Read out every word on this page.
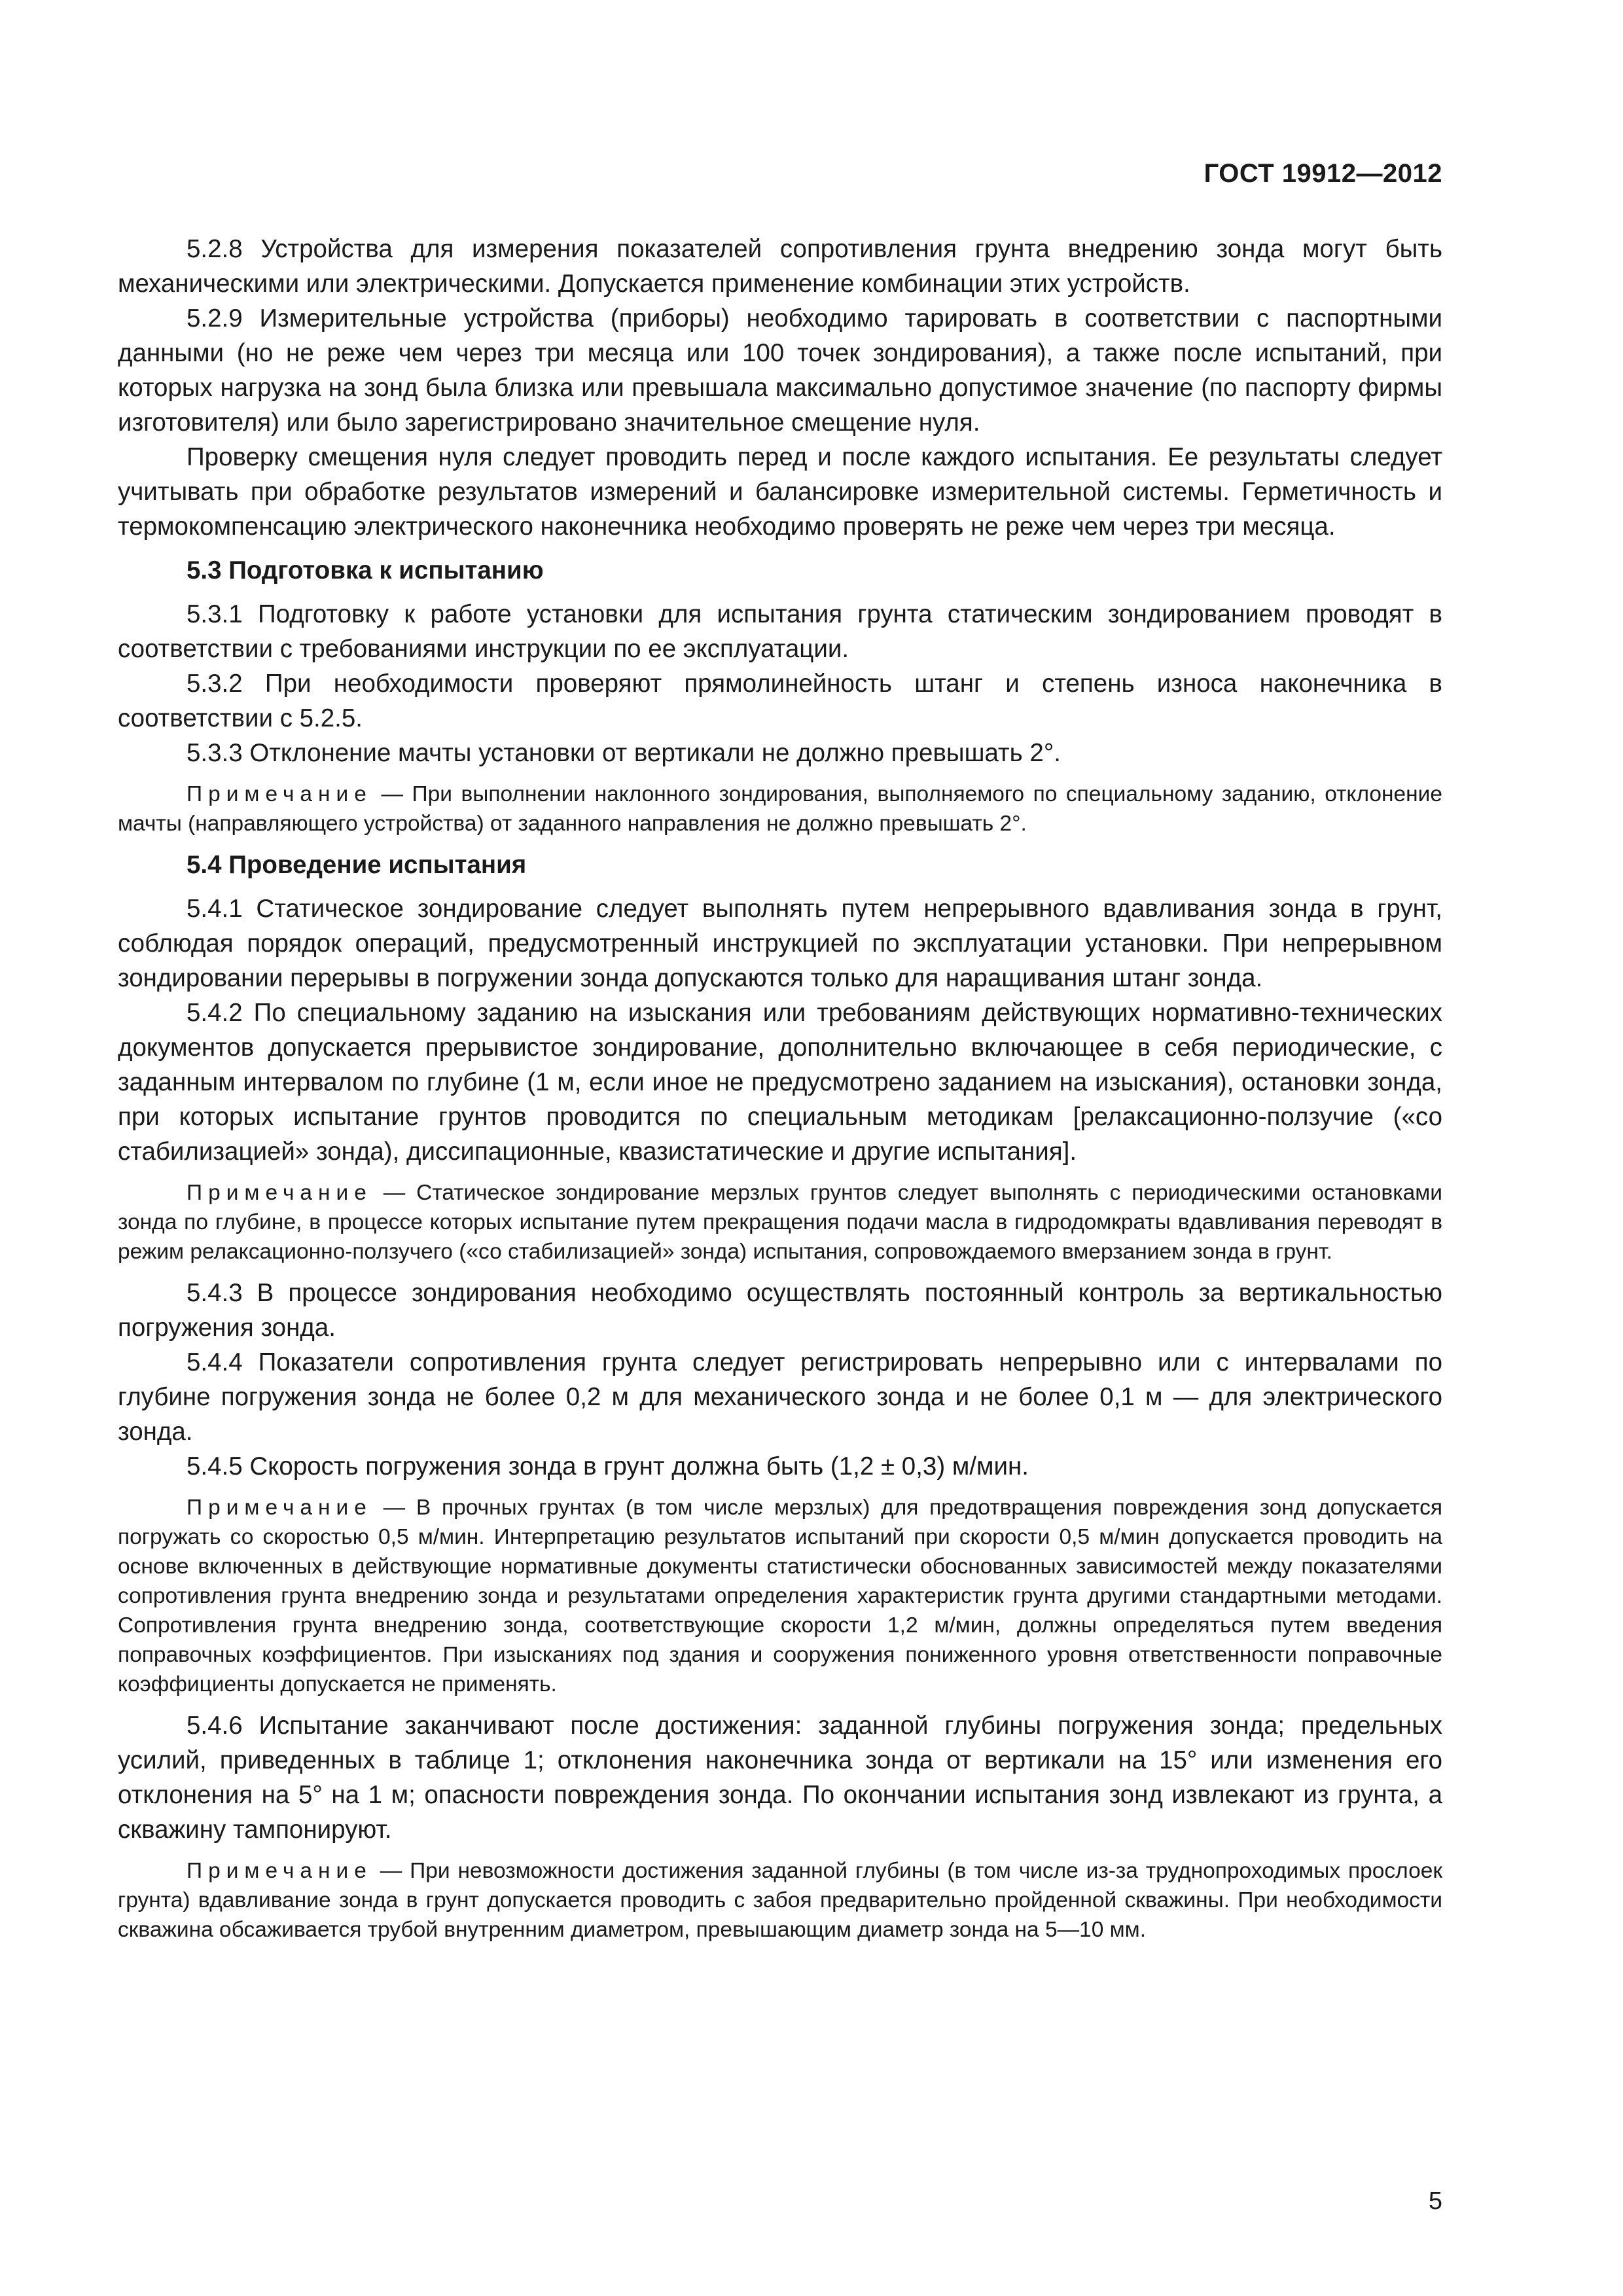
ГОСТ 19912—2012

5.2.8 Устройства для измерения показателей сопротивления грунта внедрению зонда могут быть механическими или электрическими. Допускается применение комбинации этих устройств.

5.2.9 Измерительные устройства (приборы) необходимо тарировать в соответствии с паспортными данными (но не реже чем через три месяца или 100 точек зондирования), а также после испытаний, при которых нагрузка на зонд была близка или превышала максимально допустимое значение (по паспорту фирмы изготовителя) или было зарегистрировано значительное смещение нуля.

Проверку смещения нуля следует проводить перед и после каждого испытания. Ее результаты следует учитывать при обработке результатов измерений и балансировке измерительной системы. Герметичность и термокомпенсацию электрического наконечника необходимо проверять не реже чем через три месяца.

5.3 Подготовка к испытанию

5.3.1 Подготовку к работе установки для испытания грунта статическим зондированием проводят в соответствии с требованиями инструкции по ее эксплуатации.

5.3.2 При необходимости проверяют прямолинейность штанг и степень износа наконечника в соответствии с 5.2.5.

5.3.3 Отклонение мачты установки от вертикали не должно превышать 2°.

Примечание — При выполнении наклонного зондирования, выполняемого по специальному заданию, отклонение мачты (направляющего устройства) от заданного направления не должно превышать 2°.

5.4 Проведение испытания

5.4.1 Статическое зондирование следует выполнять путем непрерывного вдавливания зонда в грунт, соблюдая порядок операций, предусмотренный инструкцией по эксплуатации установки. При непрерывном зондировании перерывы в погружении зонда допускаются только для наращивания штанг зонда.

5.4.2 По специальному заданию на изыскания или требованиям действующих нормативно-технических документов допускается прерывистое зондирование, дополнительно включающее в себя периодические, с заданным интервалом по глубине (1 м, если иное не предусмотрено заданием на изыскания), остановки зонда, при которых испытание грунтов проводится по специальным методикам [релаксационно-ползучие («со стабилизацией» зонда), диссипационные, квазистатические и другие испытания].

Примечание — Статическое зондирование мерзлых грунтов следует выполнять с периодическими остановками зонда по глубине, в процессе которых испытание путем прекращения подачи масла в гидродомкраты вдавливания переводят в режим релаксационно-ползучего («со стабилизацией» зонда) испытания, сопровождаемого вмерзанием зонда в грунт.

5.4.3 В процессе зондирования необходимо осуществлять постоянный контроль за вертикальностью погружения зонда.

5.4.4 Показатели сопротивления грунта следует регистрировать непрерывно или с интервалами по глубине погружения зонда не более 0,2 м для механического зонда и не более 0,1 м — для электрического зонда.

5.4.5 Скорость погружения зонда в грунт должна быть (1,2 ± 0,3) м/мин.

Примечание — В прочных грунтах (в том числе мерзлых) для предотвращения повреждения зонд допускается погружать со скоростью 0,5 м/мин. Интерпретацию результатов испытаний при скорости 0,5 м/мин допускается проводить на основе включенных в действующие нормативные документы статистически обоснованных зависимостей между показателями сопротивления грунта внедрению зонда и результатами определения характеристик грунта другими стандартными методами. Сопротивления грунта внедрению зонда, соответствующие скорости 1,2 м/мин, должны определяться путем введения поправочных коэффициентов. При изысканиях под здания и сооружения пониженного уровня ответственности поправочные коэффициенты допускается не применять.

5.4.6 Испытание заканчивают после достижения: заданной глубины погружения зонда; предельных усилий, приведенных в таблице 1; отклонения наконечника зонда от вертикали на 15° или изменения его отклонения на 5° на 1 м; опасности повреждения зонда. По окончании испытания зонд извлекают из грунта, а скважину тампонируют.

Примечание — При невозможности достижения заданной глубины (в том числе из-за труднопроходимых прослоек грунта) вдавливание зонда в грунт допускается проводить с забоя предварительно пройденной скважины. При необходимости скважина обсаживается трубой внутренним диаметром, превышающим диаметр зонда на 5—10 мм.

5
